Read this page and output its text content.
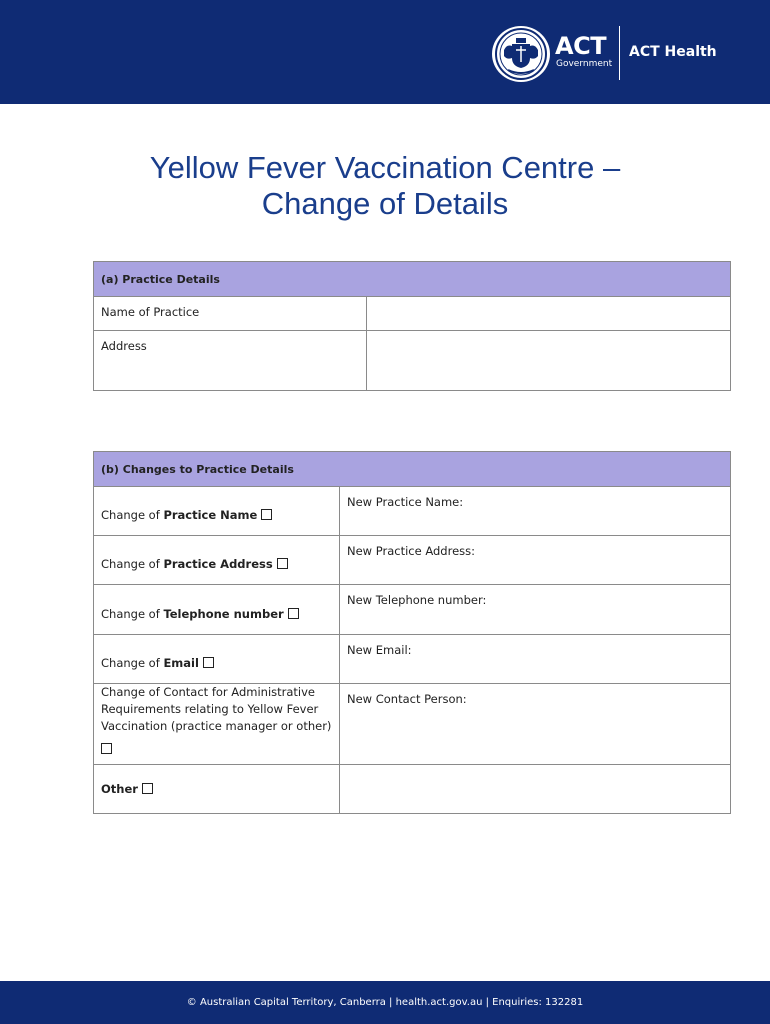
ACT
Government
ACT Health
Yellow Fever Vaccination Centre –
Change of Details
(a) Practice Details
Name of Practice
Address
(b) Changes to Practice Details
Change of Practice Name
New Practice Name:
Change of Practice Address
New Practice Address:
Change of Telephone number
New Telephone number:
Change of Email
New Email:
Change of Contact for Administrative Requirements relating to Yellow Fever Vaccination (practice manager or other)
New Contact Person:
Other
© Australian Capital Territory, Canberra | health.act.gov.au | Enquiries: 132281
